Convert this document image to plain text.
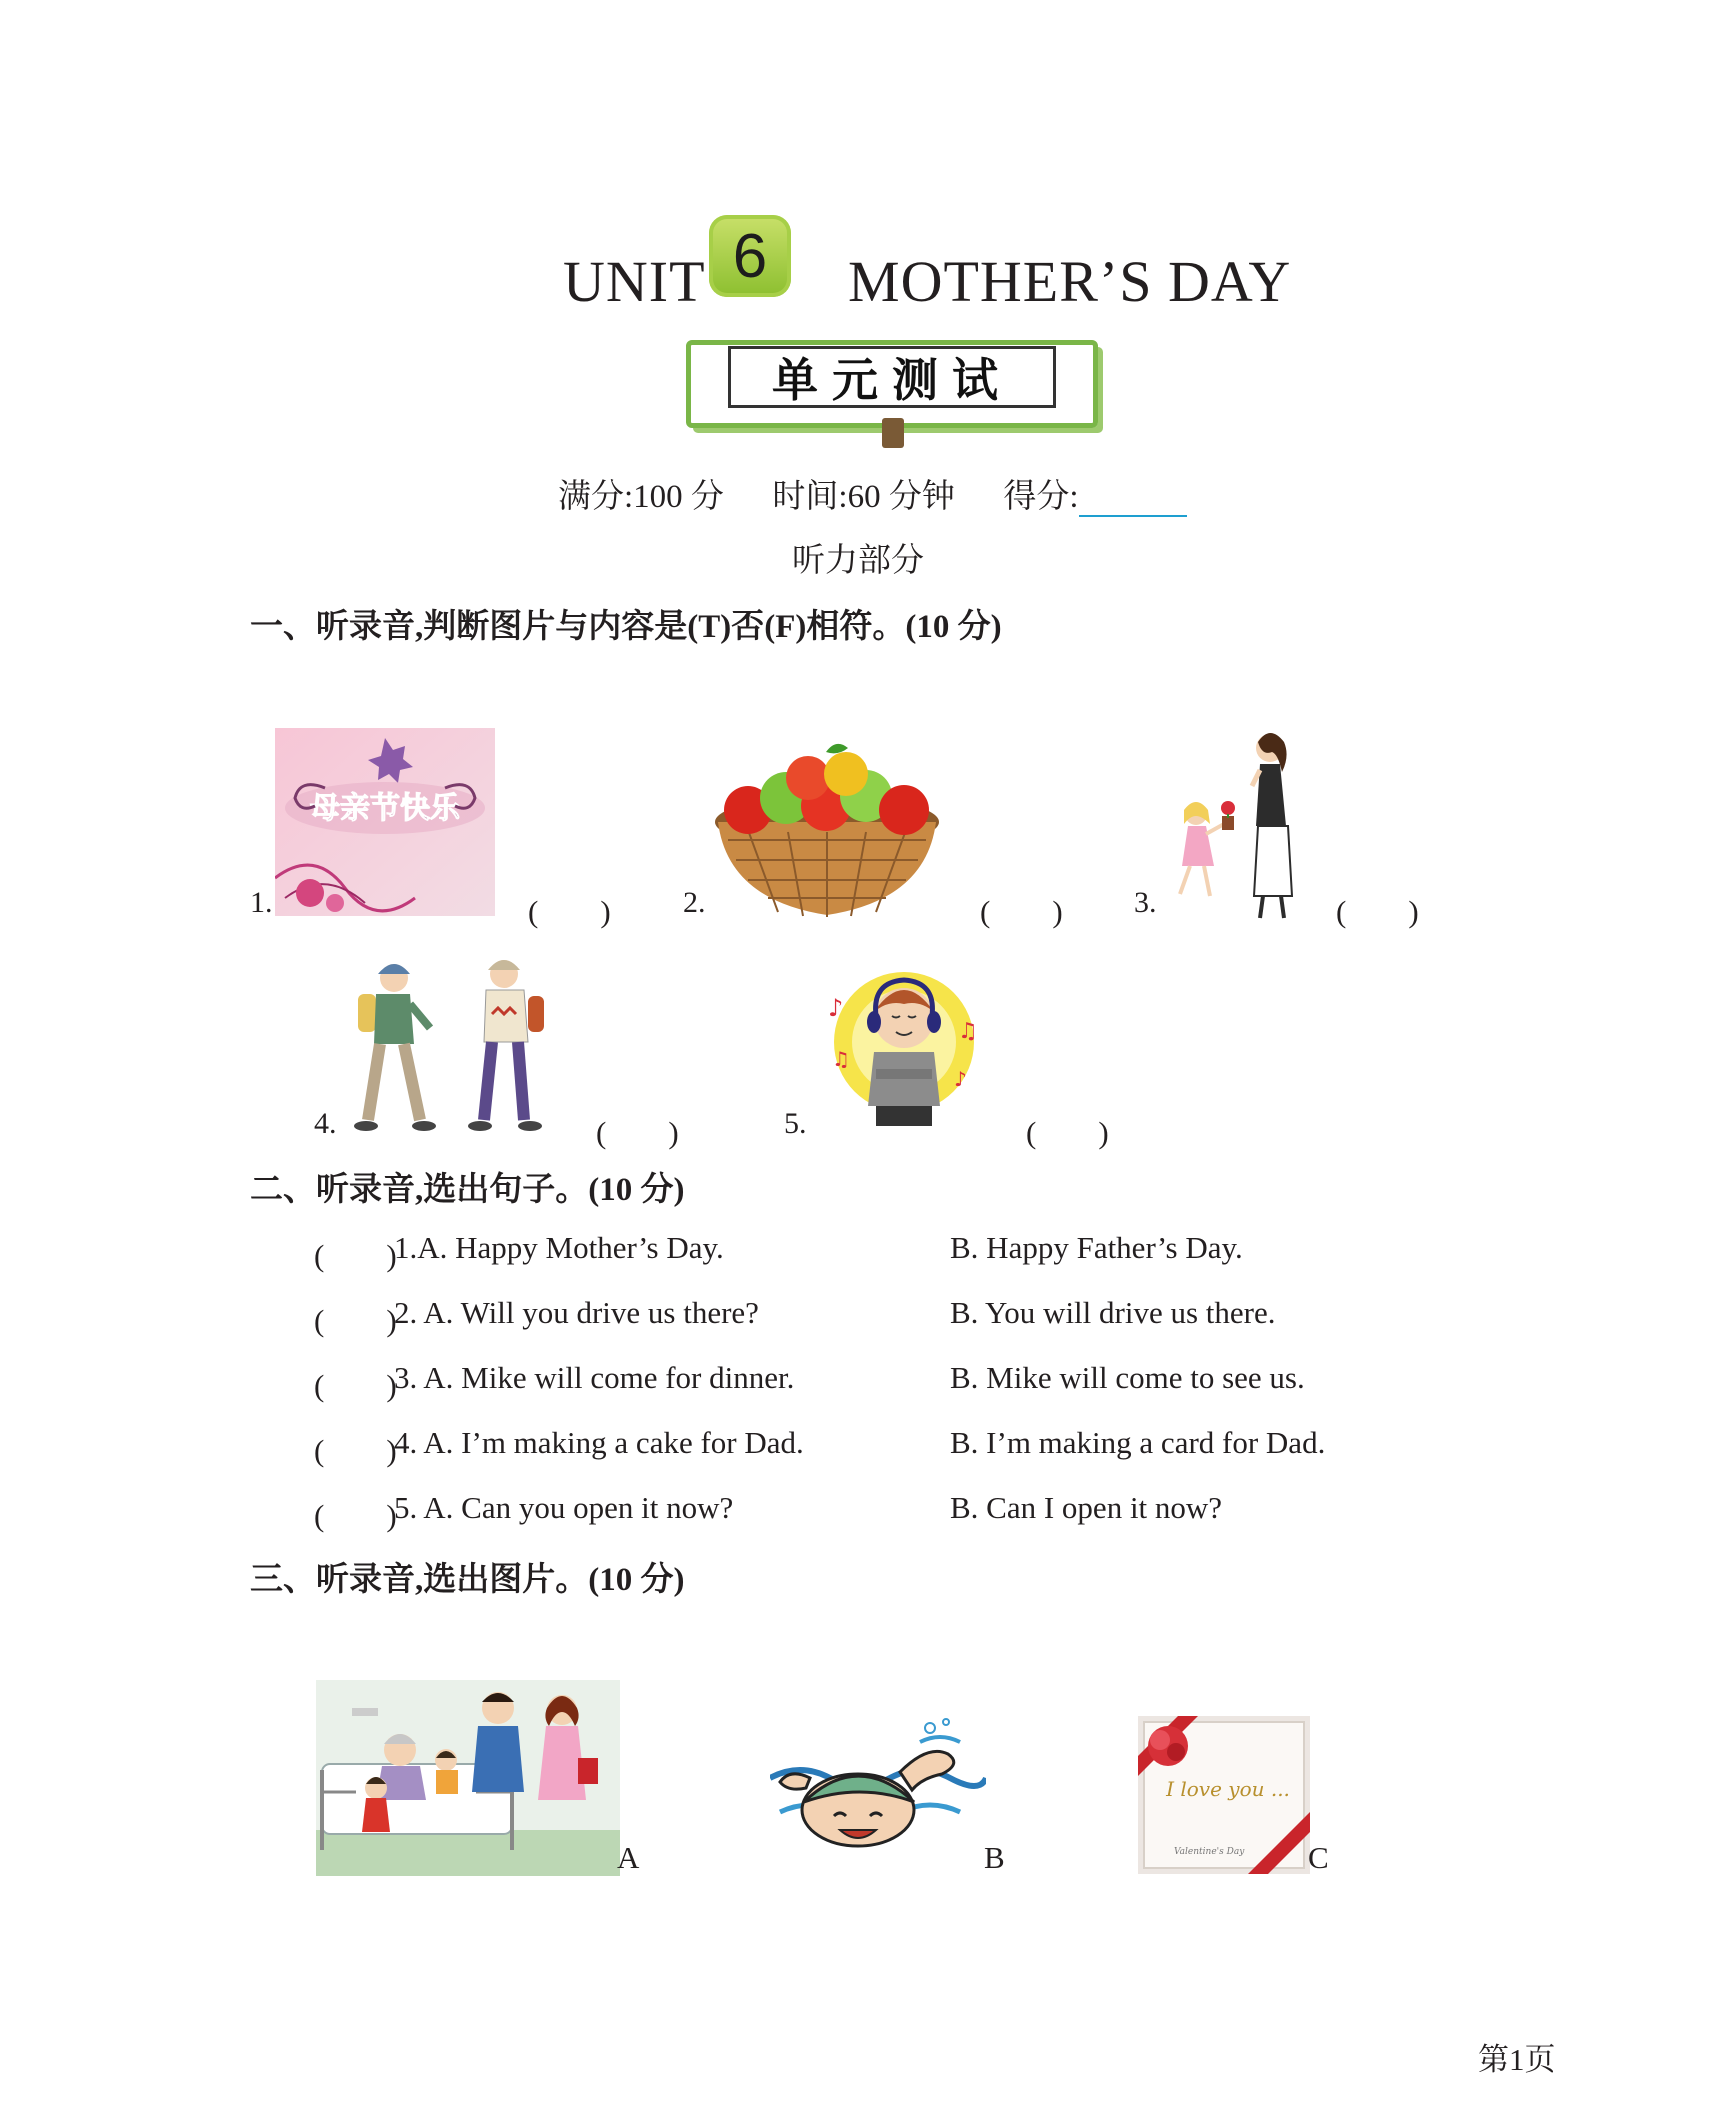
UNIT 6	MOTHER’S DAY
单元测试
满分:100 分 时间:60 分钟 得分:
听力部分
一、听录音,判断图片与内容是(T)否(F)相符。(10 分)
1.
母亲节快乐
(　　) 2.	(　　) 3.	(　　)
4.	(　　)	5.
♪
♫
♪
♫
(　　)
二、听录音,选出句子。(10 分)
(　　)
1.A. Happy Mother’s Day.	B. Happy Father’s Day.
(　　)
2. A. Will you drive us there?	B. You will drive us there.
(　　)
3. A. Mike will come for dinner.	B. Mike will come to see us.
(　　)
4. A. I’m making a cake for Dad.	B. I’m making a card for Dad.
(　　)
5. A. Can you open it now?	B. Can I open it now?
三、听录音,选出图片。(10 分)
A	B
I love you ...
Valentine's Day C
第1页
